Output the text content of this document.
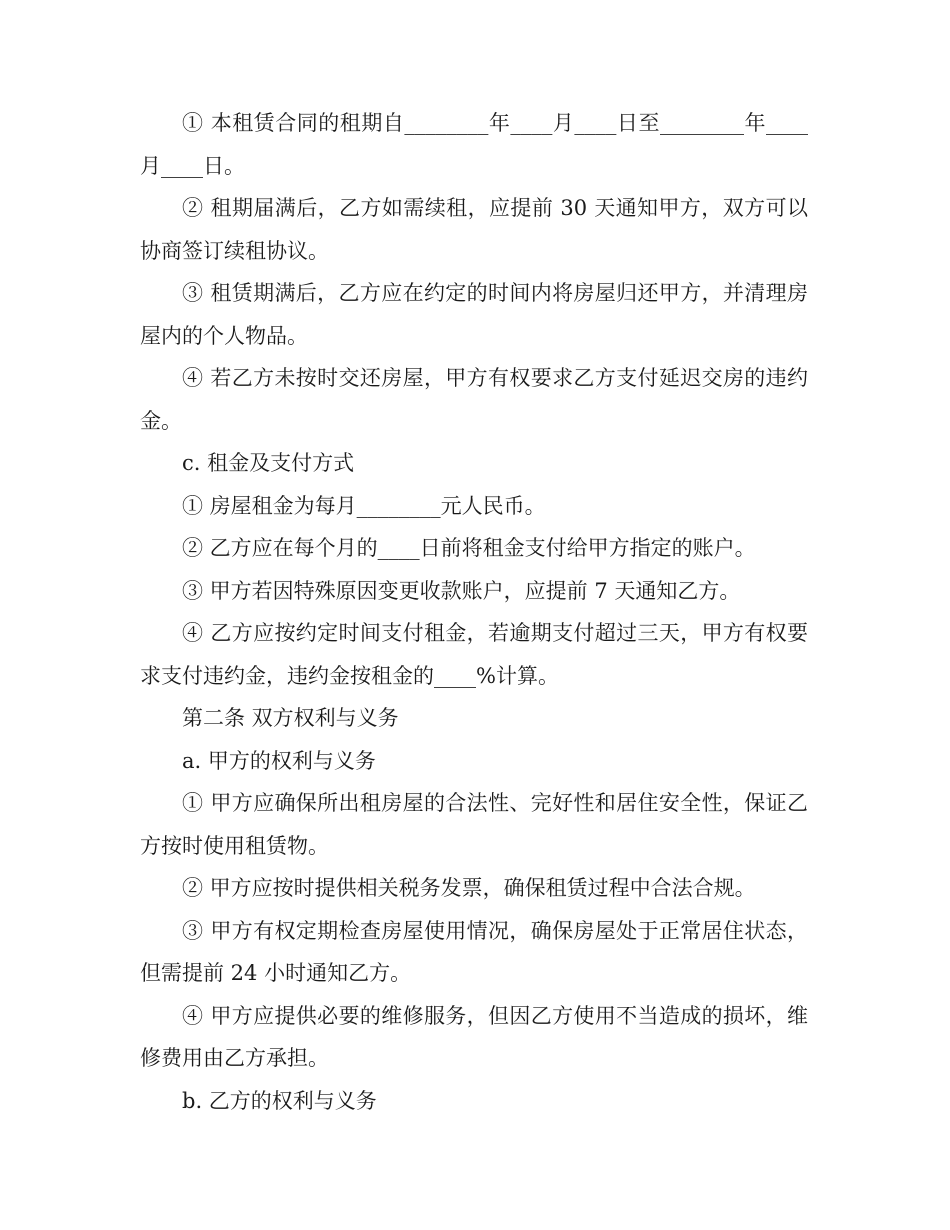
① 本租赁合同的租期自________年____月____日至________年____月____日。

② 租期届满后，乙方如需续租，应提前 30 天通知甲方，双方可以协商签订续租协议。

③ 租赁期满后，乙方应在约定的时间内将房屋归还甲方，并清理房屋内的个人物品。

④ 若乙方未按时交还房屋，甲方有权要求乙方支付延迟交房的违约金。

c. 租金及支付方式

① 房屋租金为每月________元人民币。

② 乙方应在每个月的____日前将租金支付给甲方指定的账户。

③ 甲方若因特殊原因变更收款账户，应提前 7 天通知乙方。

④ 乙方应按约定时间支付租金，若逾期支付超过三天，甲方有权要求支付违约金，违约金按租金的____%计算。

第二条 双方权利与义务

a. 甲方的权利与义务

① 甲方应确保所出租房屋的合法性、完好性和居住安全性，保证乙方按时使用租赁物。

② 甲方应按时提供相关税务发票，确保租赁过程中合法合规。

③ 甲方有权定期检查房屋使用情况，确保房屋处于正常居住状态，但需提前 24 小时通知乙方。

④ 甲方应提供必要的维修服务，但因乙方使用不当造成的损坏，维修费用由乙方承担。

b. 乙方的权利与义务
